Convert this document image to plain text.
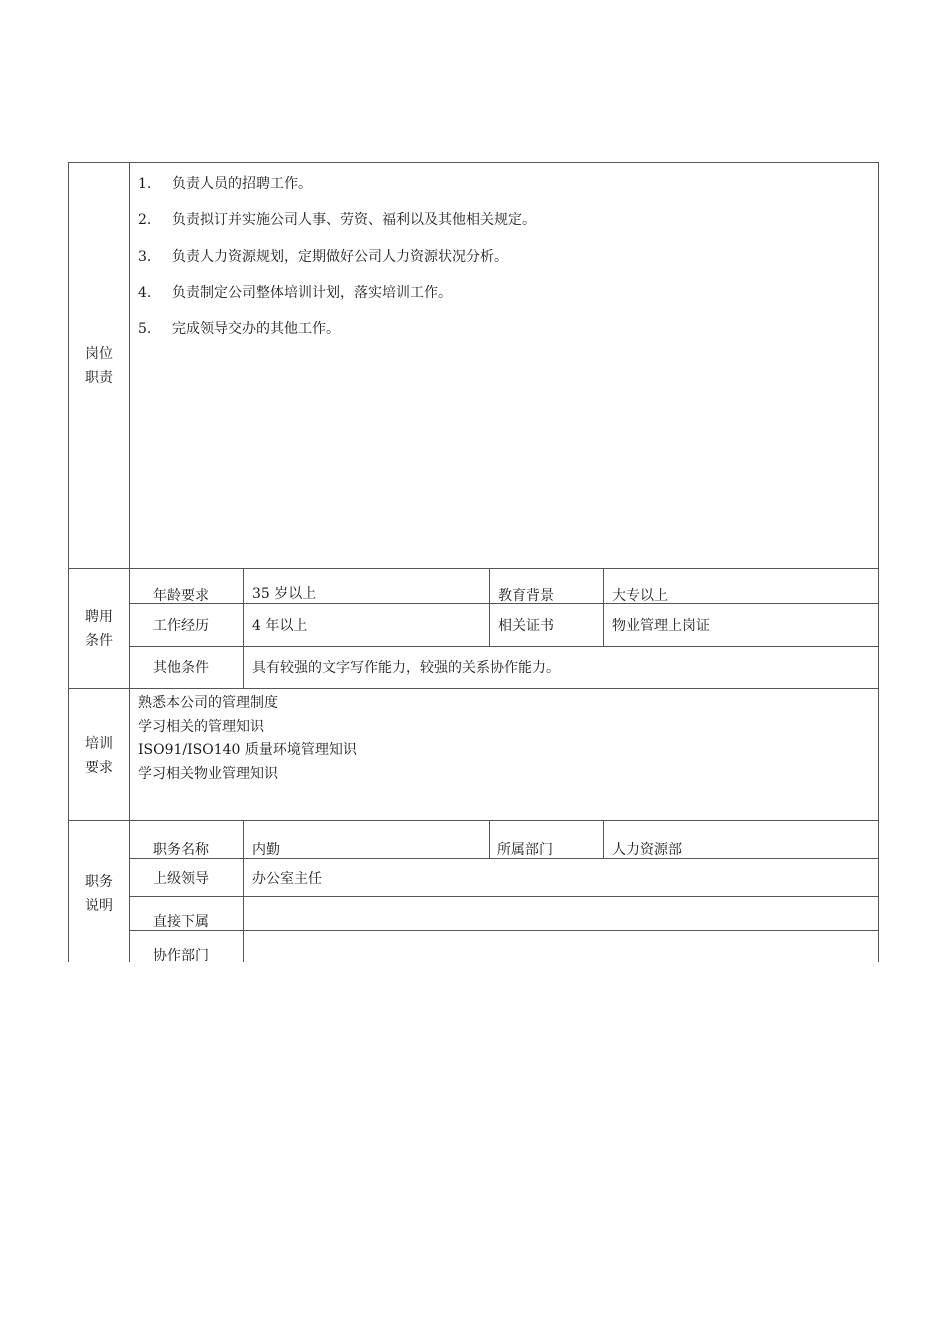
岗位
职责
1. 负责人员的招聘工作。
2. 负责拟订并实施公司人事、劳资、福利以及其他相关规定。
3. 负责人力资源规划，定期做好公司人力资源状况分析。
4. 负责制定公司整体培训计划，落实培训工作。
5. 完成领导交办的其他工作。
聘用
条件
年龄要求	35 岁以上	教育背景	大专以上
工作经历	4 年以上	相关证书	物业管理上岗证
其他条件	具有较强的文字写作能力，较强的关系协作能力。
培训
要求
熟悉本公司的管理制度
学习相关的管理知识
ISO91/ISO140 质量环境管理知识
学习相关物业管理知识
职务
说明
职务名称	内勤	所属部门	人力资源部
上级领导	办公室主任
直接下属
协作部门
